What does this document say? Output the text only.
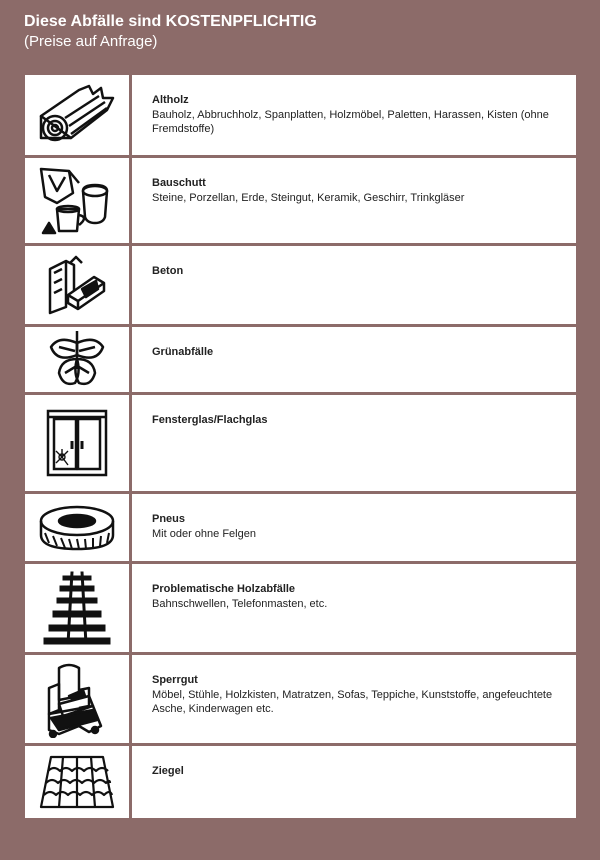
Diese Abfälle sind KOSTENPFLICHTIG
(Preise auf Anfrage)
Altholz
Bauholz, Abbruchholz, Spanplatten, Holzmöbel, Paletten, Harassen, Kisten (ohne Fremdstoffe)
Bauschutt
Steine, Porzellan, Erde, Steingut, Keramik, Geschirr, Trinkgläser
Beton
Grünabfälle
Fensterglas/Flachglas
Pneus
Mit oder ohne Felgen
Problematische Holzabfälle
Bahnschwellen, Telefonmasten, etc.
Sperrgut
Möbel, Stühle, Holzkisten, Matratzen, Sofas, Teppiche, Kunststoffe, angefeuchtete Asche, Kinderwagen etc.
Ziegel
